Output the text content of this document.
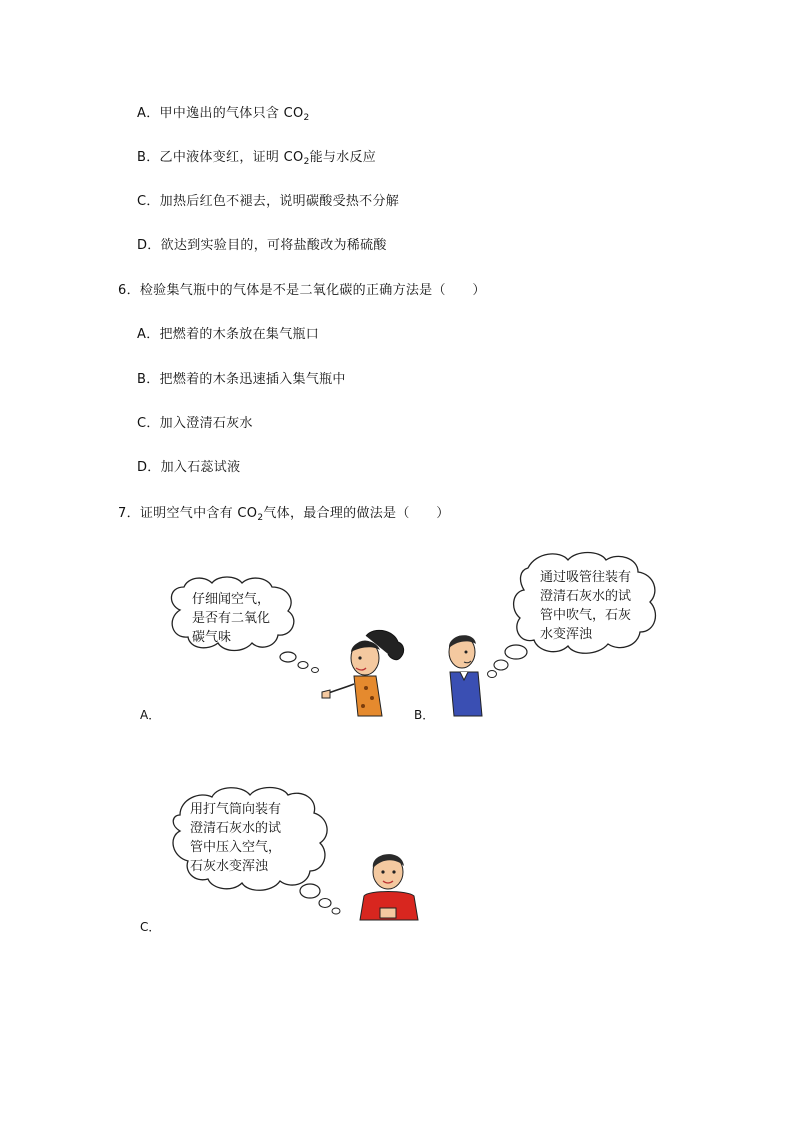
A．甲中逸出的气体只含 $CO_2$
B．乙中液体变红，证明 $CO_2$能与水反应
C．加热后红色不褪去，说明碳酸受热不分解
D．欲达到实验目的，可将盐酸改为稀硫酸
6．检验集气瓶中的气体是不是二氧化碳的正确方法是（　　）
A．把燃着的木条放在集气瓶口
B．把燃着的木条迅速插入集气瓶中
C．加入澄清石灰水
D．加入石蕊试液
7．证明空气中含有 $CO_2$气体，最合理的做法是（　　）
仔细闻空气，
是否有二氧化
碳气味
A．
通过吸管往装有
澄清石灰水的试
管中吹气，石灰
水变浑浊
B．
用打气筒向装有
澄清石灰水的试
管中压入空气，
石灰水变浑浊
C．
